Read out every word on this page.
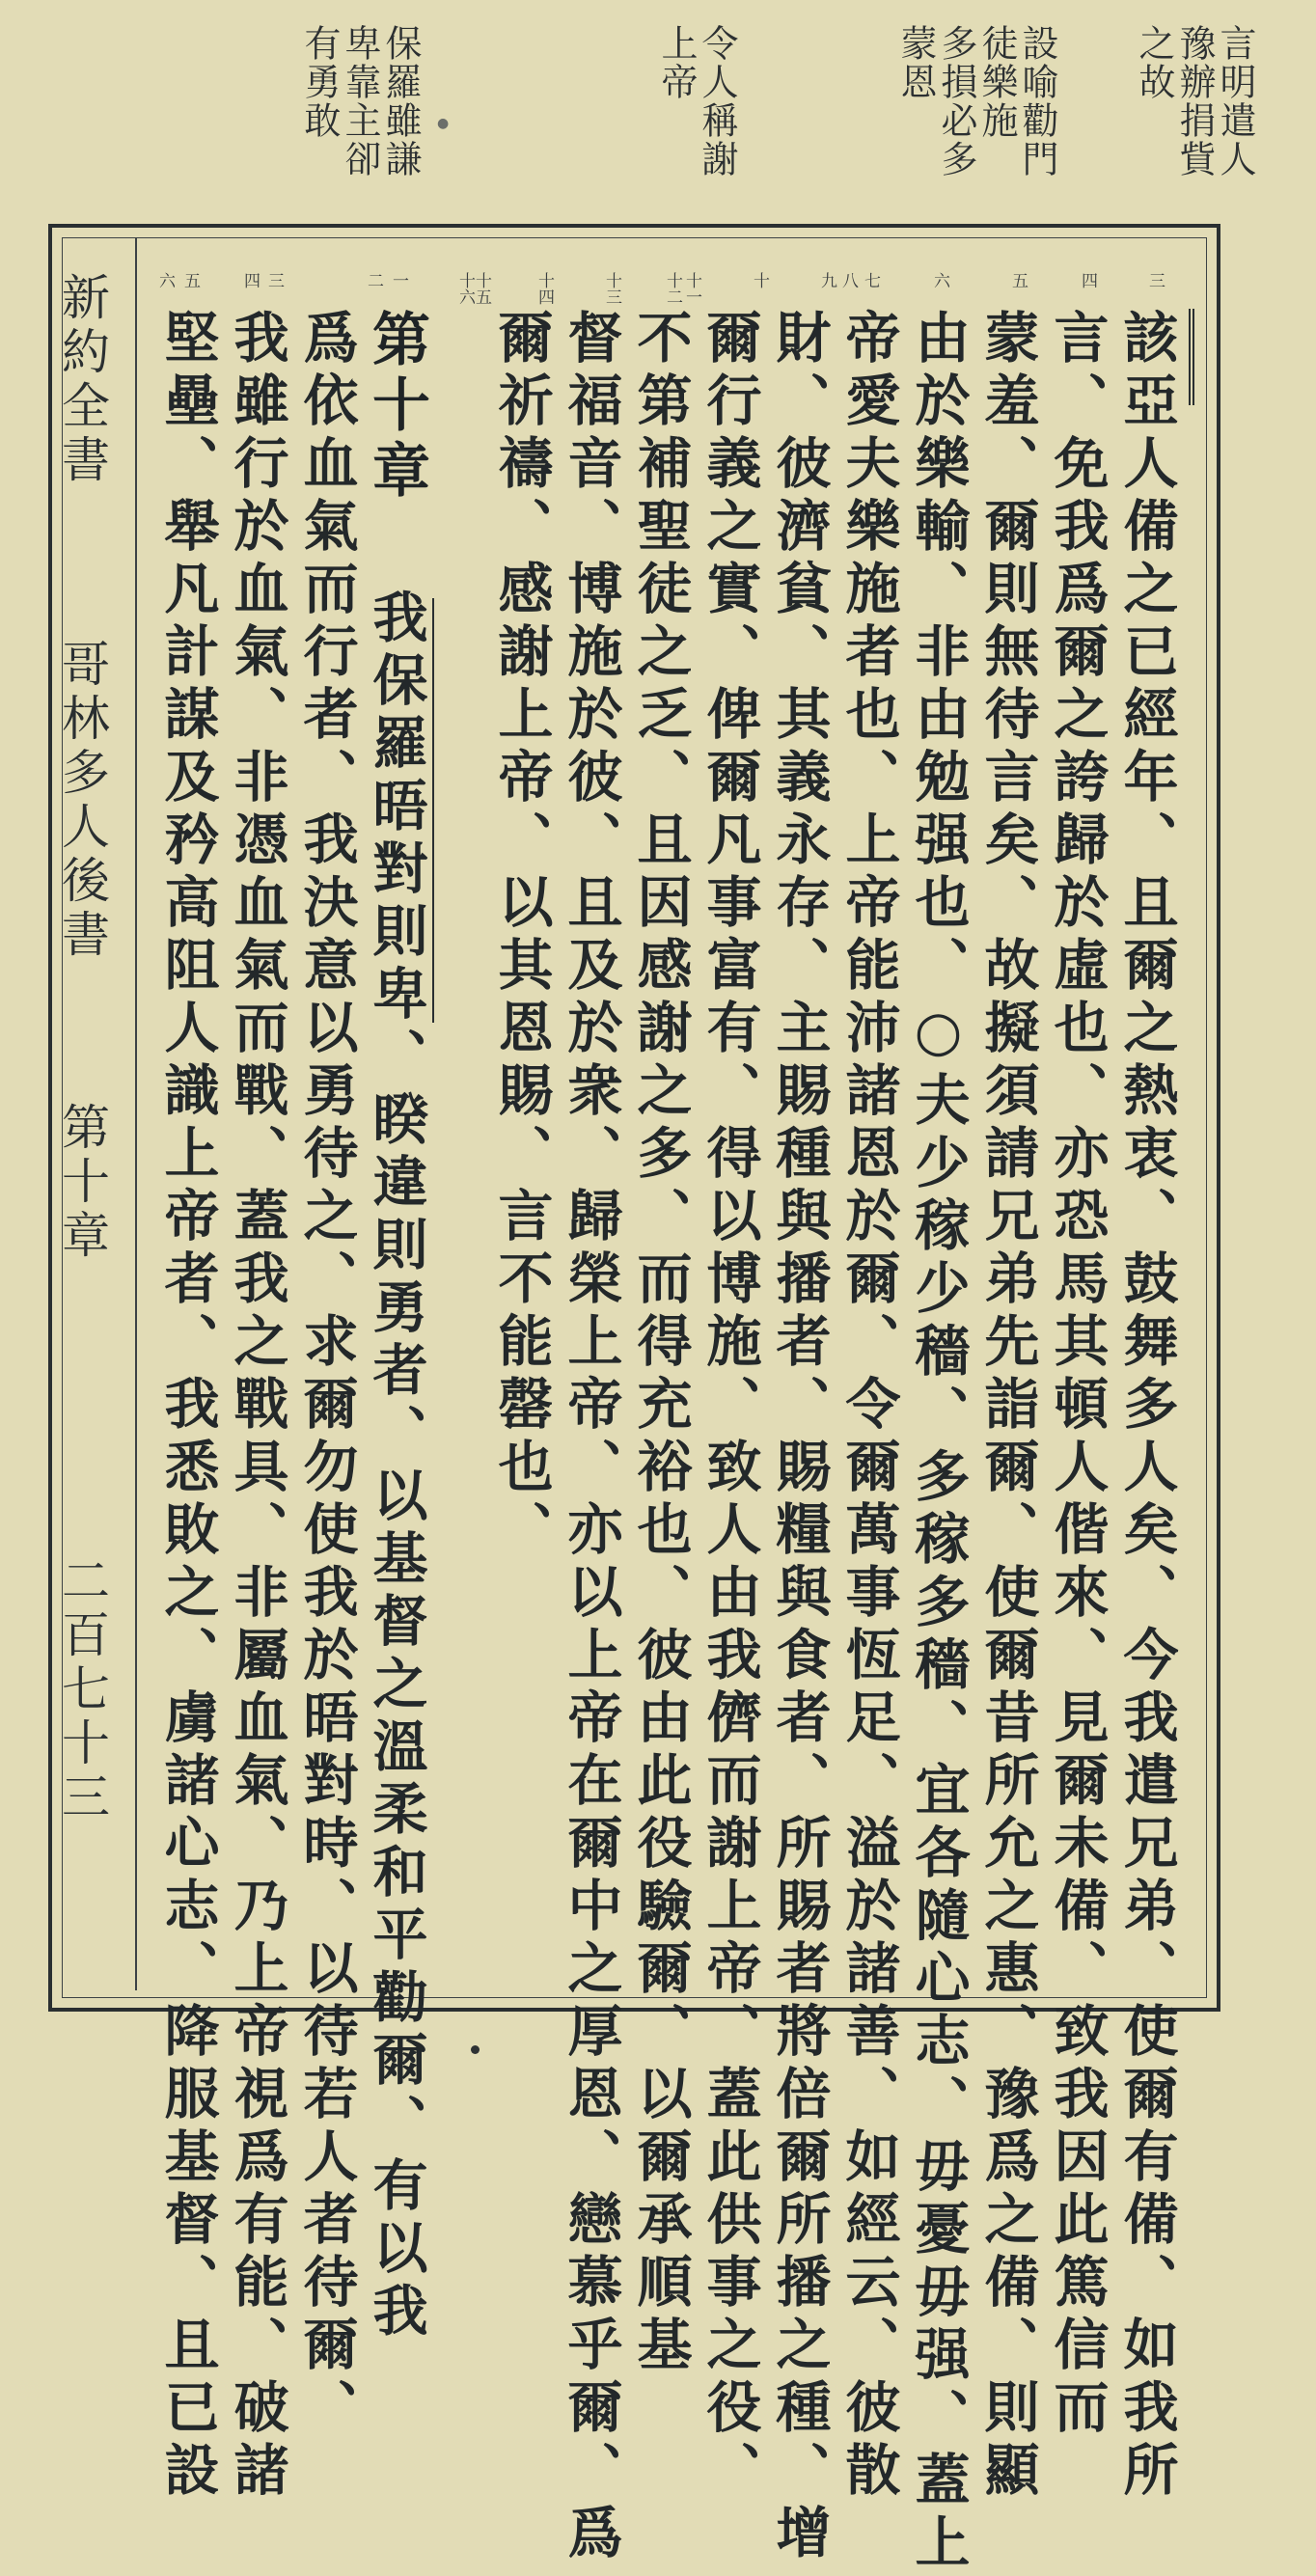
言明遣人
豫辦捐貲
之故
設喻勸門
徒樂施
多損必多
蒙恩
令人稱謝
上帝
●
保羅雖謙
卑靠主卻
有勇敢
三
四
五
六
七
八
九
十
十一
十二
十三
十四
十五
十六
一
二
三
四
五
六
該亞人備之已經年、且爾之熱衷、鼓舞多人矣、今我遣兄弟、使爾有備、如我所
言、免我爲爾之誇歸於虛也、亦恐馬其頓人偕來、見爾未備、致我因此篤信而
蒙羞、爾則無待言矣、故擬須請兄弟先詣爾、使爾昔所允之惠、豫爲之備、則顯
由於樂輸、非由勉强也、○夫少稼少穡、多稼多穡、宜各隨心志、毋憂毋强、蓋上
帝愛夫樂施者也、上帝能沛諸恩於爾、令爾萬事恆足、溢於諸善、如經云、彼散
財、彼濟貧、其義永存、主賜種與播者、賜糧與食者、所賜者將倍爾所播之種、增
爾行義之實、俾爾凡事富有、得以博施、致人由我儕而謝上帝、蓋此供事之役、
不第補聖徒之乏、且因感謝之多、而得充裕也、彼由此役驗爾、以爾承順基
督福音、博施於彼、且及於衆、歸榮上帝、亦以上帝在爾中之厚恩、戀慕乎爾、爲
爾祈禱、感謝上帝、以其恩賜、言不能罄也、
第十章
我保羅晤對則卑、睽違則勇者、以基督之溫柔和平勸爾、有以我
爲依血氣而行者、我決意以勇待之、求爾勿使我於晤對時、以待若人者待爾、
我雖行於血氣、非憑血氣而戰、蓋我之戰具、非屬血氣、乃上帝視爲有能、破諸
堅壘、舉凡計謀及矜高阻人識上帝者、我悉敗之、虜諸心志、降服基督、且已設
新約全書
哥林多人後書
第十章
二百七十三
